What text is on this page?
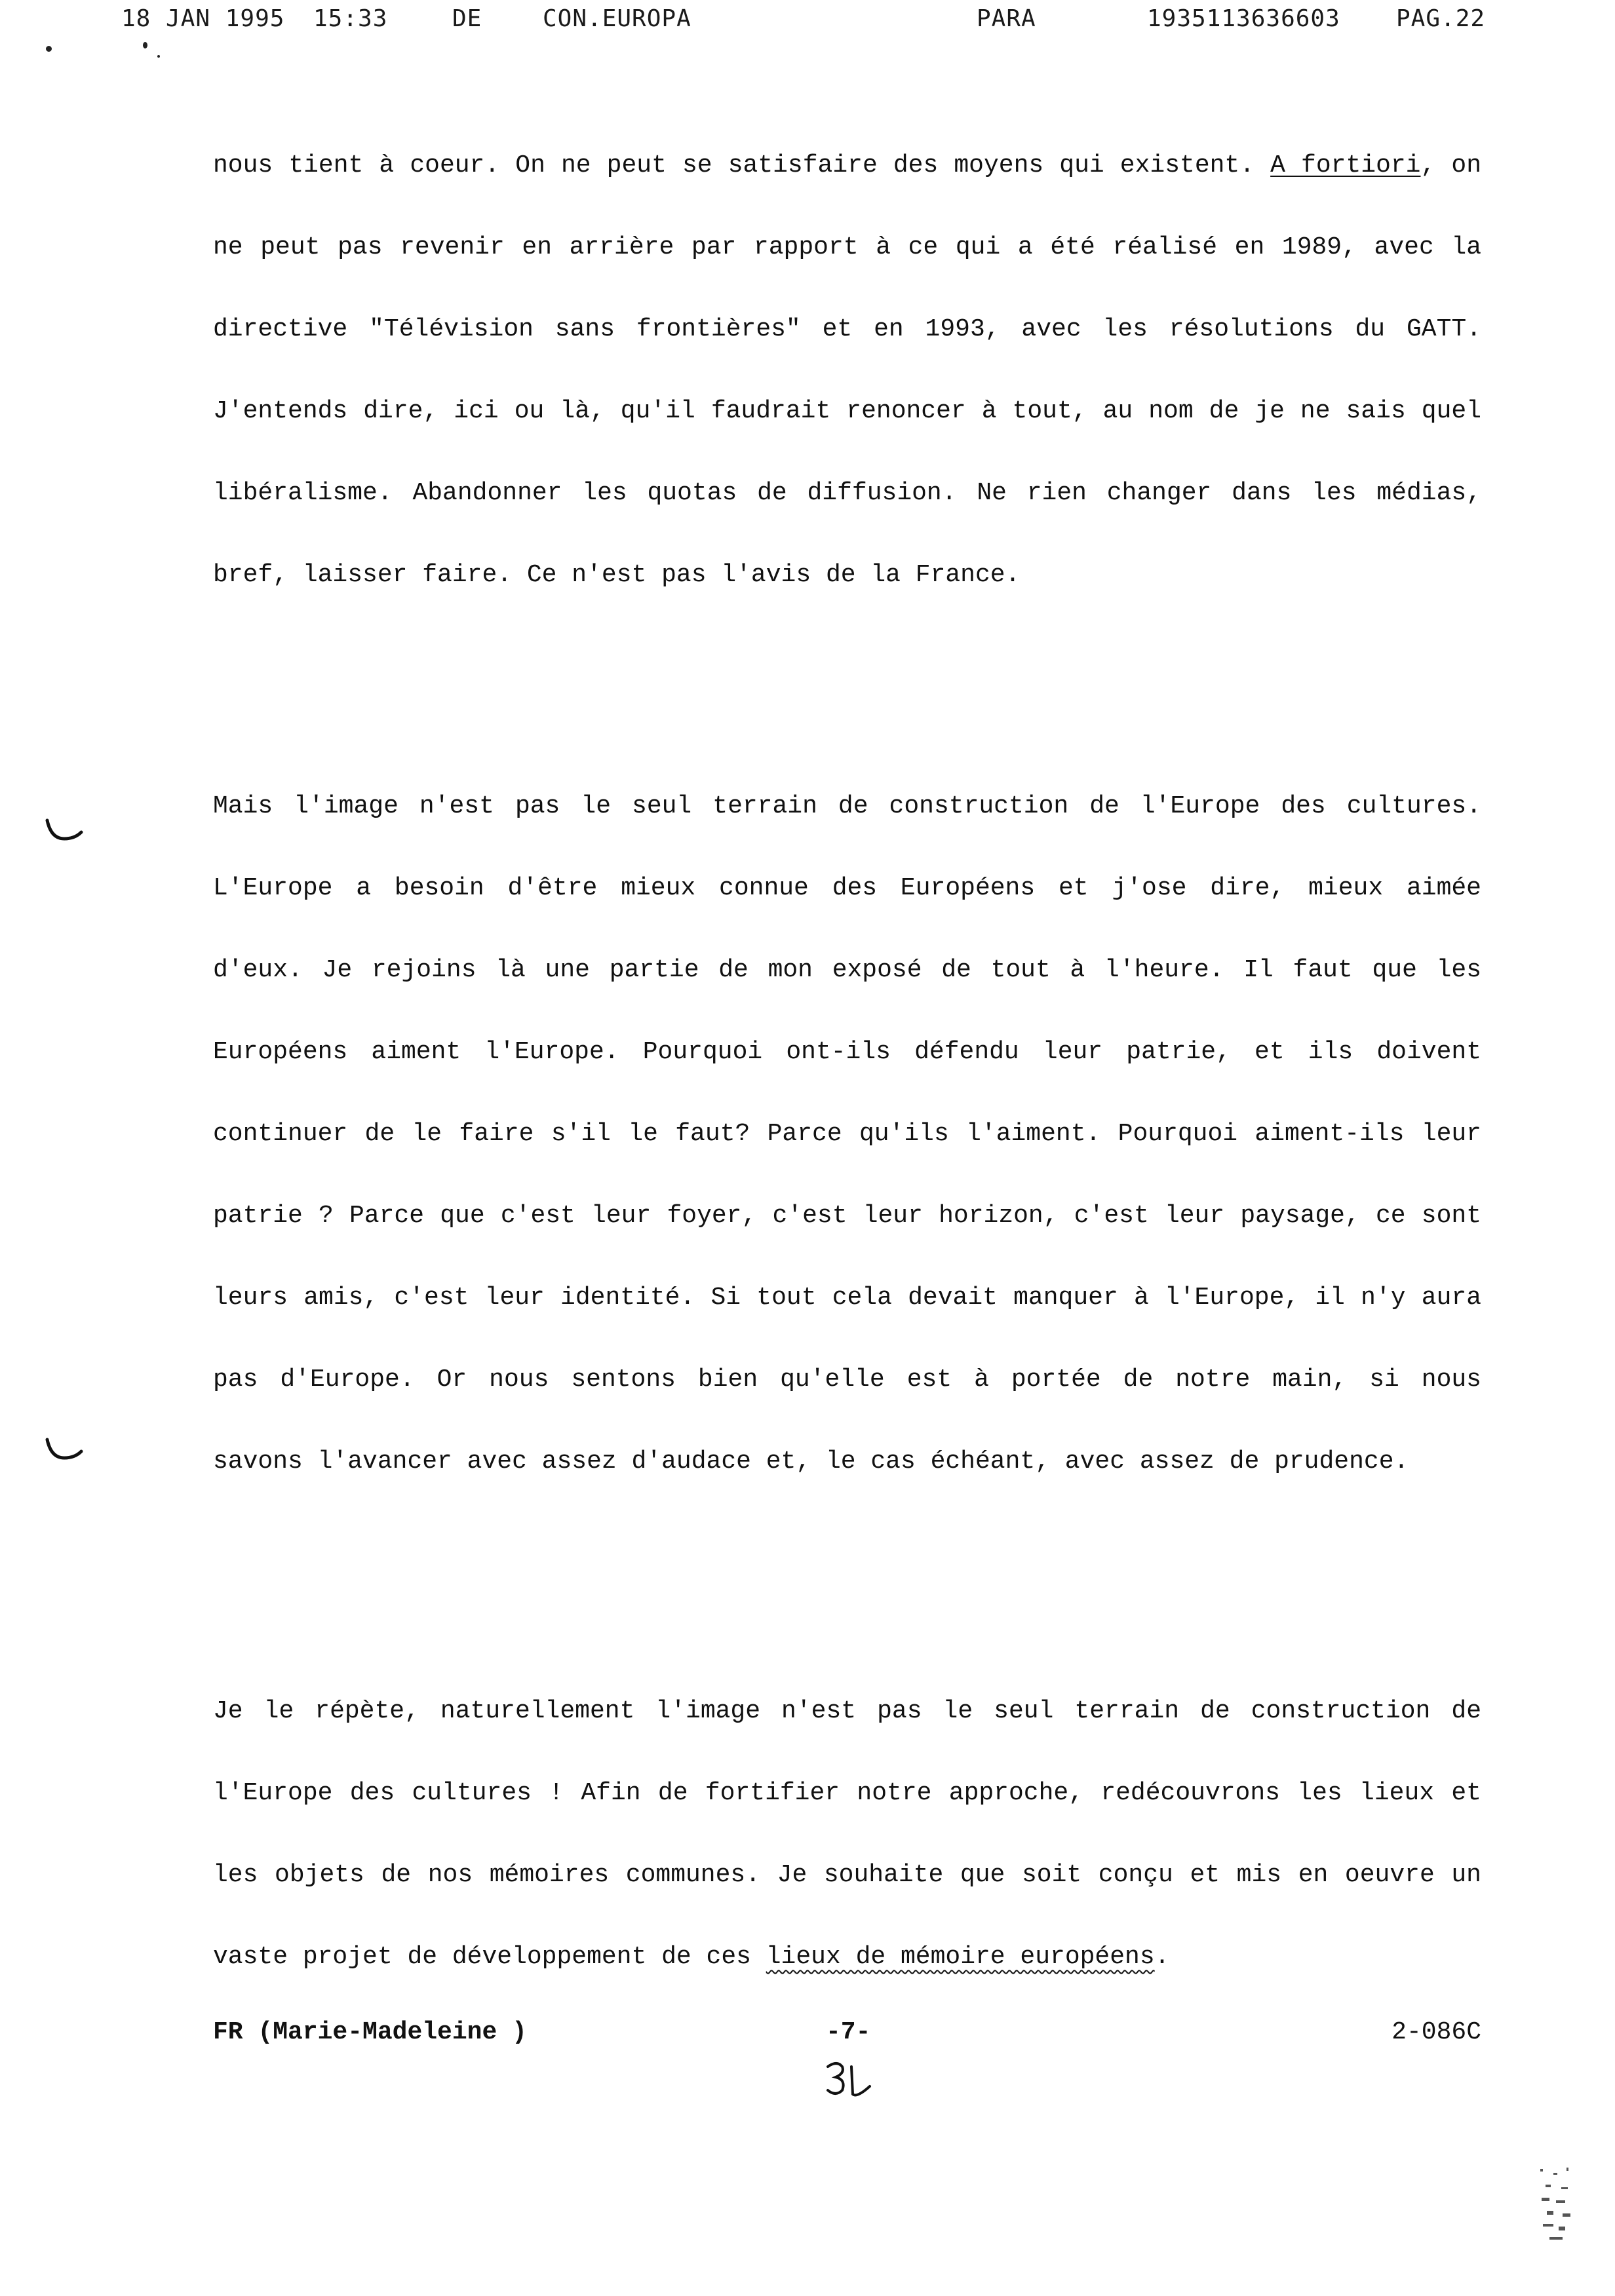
18 JAN 1995 15:33	DE	CON.EUROPA	PARA	1935113636603 PAG.22

nous tient à coeur. On ne peut se satisfaire des moyens qui existent. A fortiori, on ne peut pas revenir en arrière par rapport à ce qui a été réalisé en 1989, avec la directive "Télévision sans frontières" et en 1993, avec les résolutions du GATT. J'entends dire, ici ou là, qu'il faudrait renoncer à tout, au nom de je ne sais quel libéralisme. Abandonner les quotas de diffusion. Ne rien changer dans les médias, bref, laisser faire. Ce n'est pas l'avis de la France.

Mais l'image n'est pas le seul terrain de construction de l'Europe des cultures. L'Europe a besoin d'être mieux connue des Européens et j'ose dire, mieux aimée d'eux. Je rejoins là une partie de mon exposé de tout à l'heure. Il faut que les Européens aiment l'Europe. Pourquoi ont-ils défendu leur patrie, et ils doivent continuer de le faire s'il le faut? Parce qu'ils l'aiment. Pourquoi aiment-ils leur patrie ? Parce que c'est leur foyer, c'est leur horizon, c'est leur paysage, ce sont leurs amis, c'est leur identité. Si tout cela devait manquer à l'Europe, il n'y aura pas d'Europe. Or nous sentons bien qu'elle est à portée de notre main, si nous savons l'avancer avec assez d'audace et, le cas échéant, avec assez de prudence.

Je le répète, naturellement l'image n'est pas le seul terrain de construction de l'Europe des cultures ! Afin de fortifier notre approche, redécouvrons les lieux et les objets de nos mémoires communes. Je souhaite que soit conçu et mis en oeuvre un vaste projet de développement de ces lieux de mémoire européens.

FR (Marie-Madeleine )	-7-	2-086C
